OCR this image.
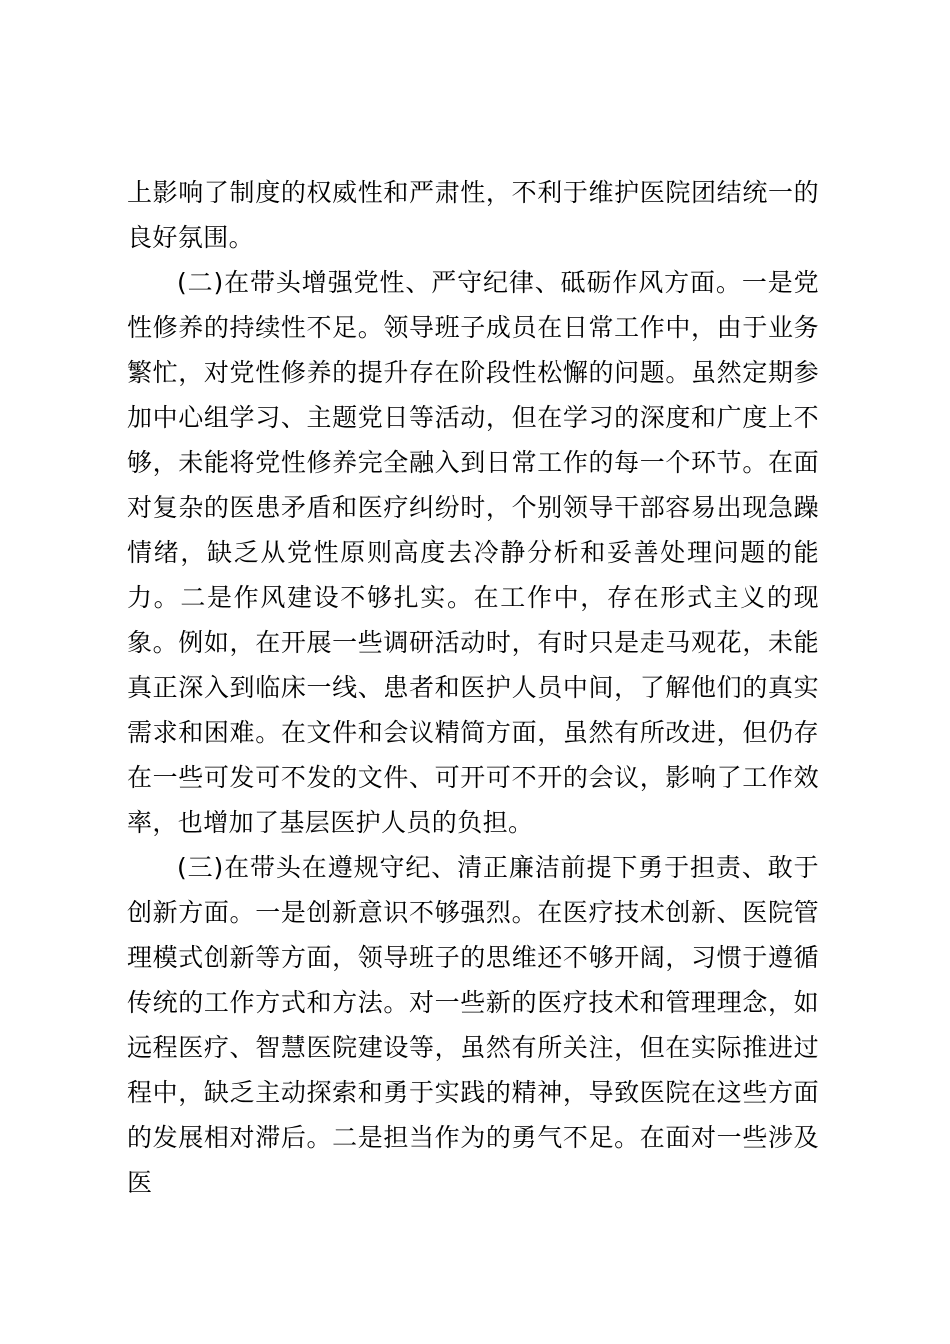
上影响了制度的权威性和严肃性，不利于维护医院团结统一的良好氛围。

(二)在带头增强党性、严守纪律、砥砺作风方面。一是党性修养的持续性不足。领导班子成员在日常工作中，由于业务繁忙，对党性修养的提升存在阶段性松懈的问题。虽然定期参加中心组学习、主题党日等活动，但在学习的深度和广度上不够，未能将党性修养完全融入到日常工作的每一个环节。在面对复杂的医患矛盾和医疗纠纷时，个别领导干部容易出现急躁情绪，缺乏从党性原则高度去冷静分析和妥善处理问题的能力。二是作风建设不够扎实。在工作中，存在形式主义的现象。例如，在开展一些调研活动时，有时只是走马观花，未能真正深入到临床一线、患者和医护人员中间，了解他们的真实需求和困难。在文件和会议精简方面，虽然有所改进，但仍存在一些可发可不发的文件、可开可不开的会议，影响了工作效率，也增加了基层医护人员的负担。

(三)在带头在遵规守纪、清正廉洁前提下勇于担责、敢于创新方面。一是创新意识不够强烈。在医疗技术创新、医院管理模式创新等方面，领导班子的思维还不够开阔，习惯于遵循传统的工作方式和方法。对一些新的医疗技术和管理理念，如远程医疗、智慧医院建设等，虽然有所关注，但在实际推进过程中，缺乏主动探索和勇于实践的精神，导致医院在这些方面的发展相对滞后。二是担当作为的勇气不足。在面对一些涉及医
